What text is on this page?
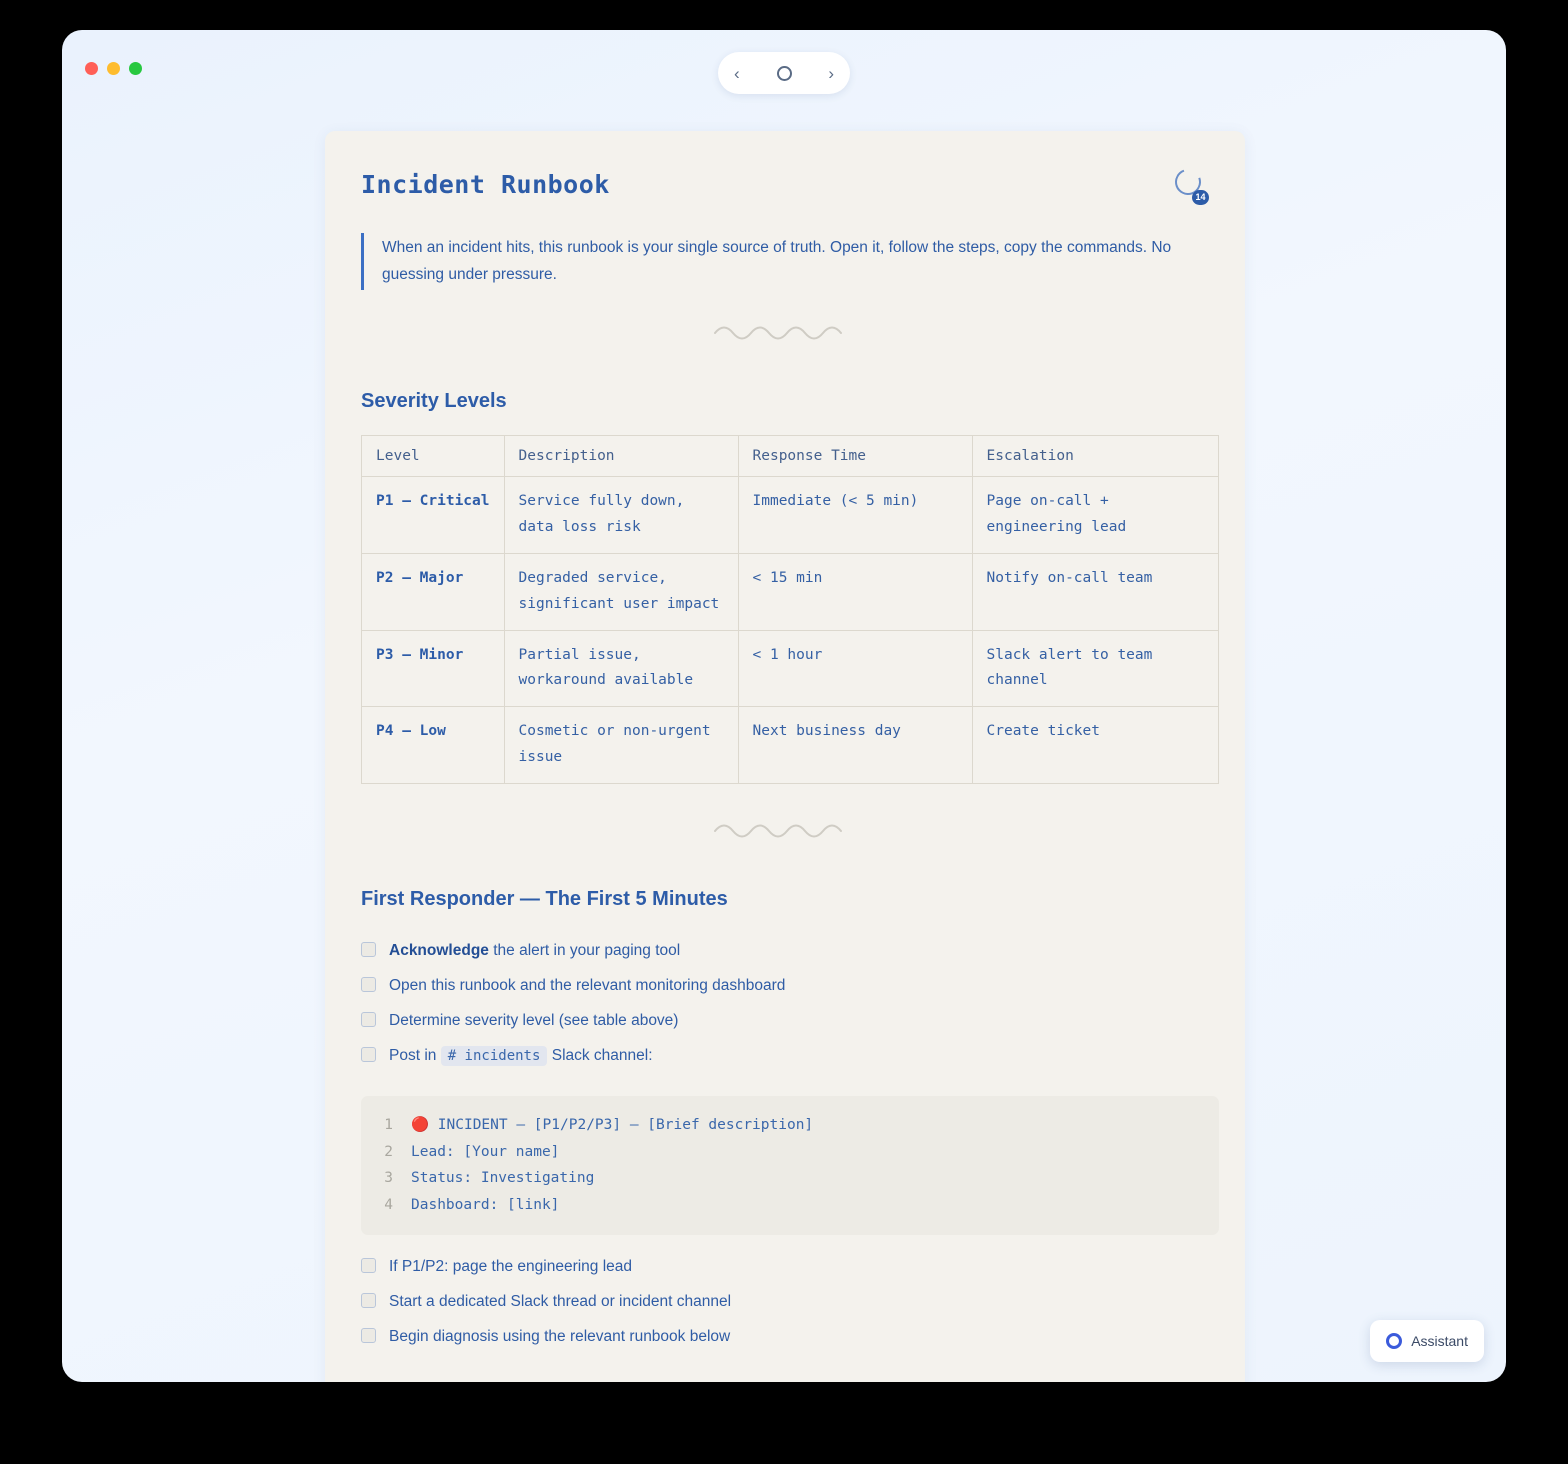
‹	›
Incident Runbook	14

When an incident hits, this runbook is your single source of truth. Open it, follow the steps, copy the commands. No guessing under pressure.

Severity Levels
Level	Description	Response Time	Escalation
P1 — Critical	Service fully down, data loss risk	Immediate (< 5 min)	Page on-call + engineering lead
P2 — Major	Degraded service, significant user impact	< 15 min	Notify on-call team
P3 — Minor	Partial issue, workaround available	< 1 hour	Slack alert to team channel
P4 — Low	Cosmetic or non-urgent issue	Next business day	Create ticket
First Responder — The First 5 Minutes
Acknowledge the alert in your paging tool
Open this runbook and the relevant monitoring dashboard
Determine severity level (see table above)
Post in # incidents Slack channel:
1 🔴 INCIDENT — [P1/P2/P3] — [Brief description]
2 Lead: [Your name]
3 Status: Investigating
4 Dashboard: [link]
If P1/P2: page the engineering lead
Start a dedicated Slack thread or incident channel
Begin diagnosis using the relevant runbook below	Assistant
